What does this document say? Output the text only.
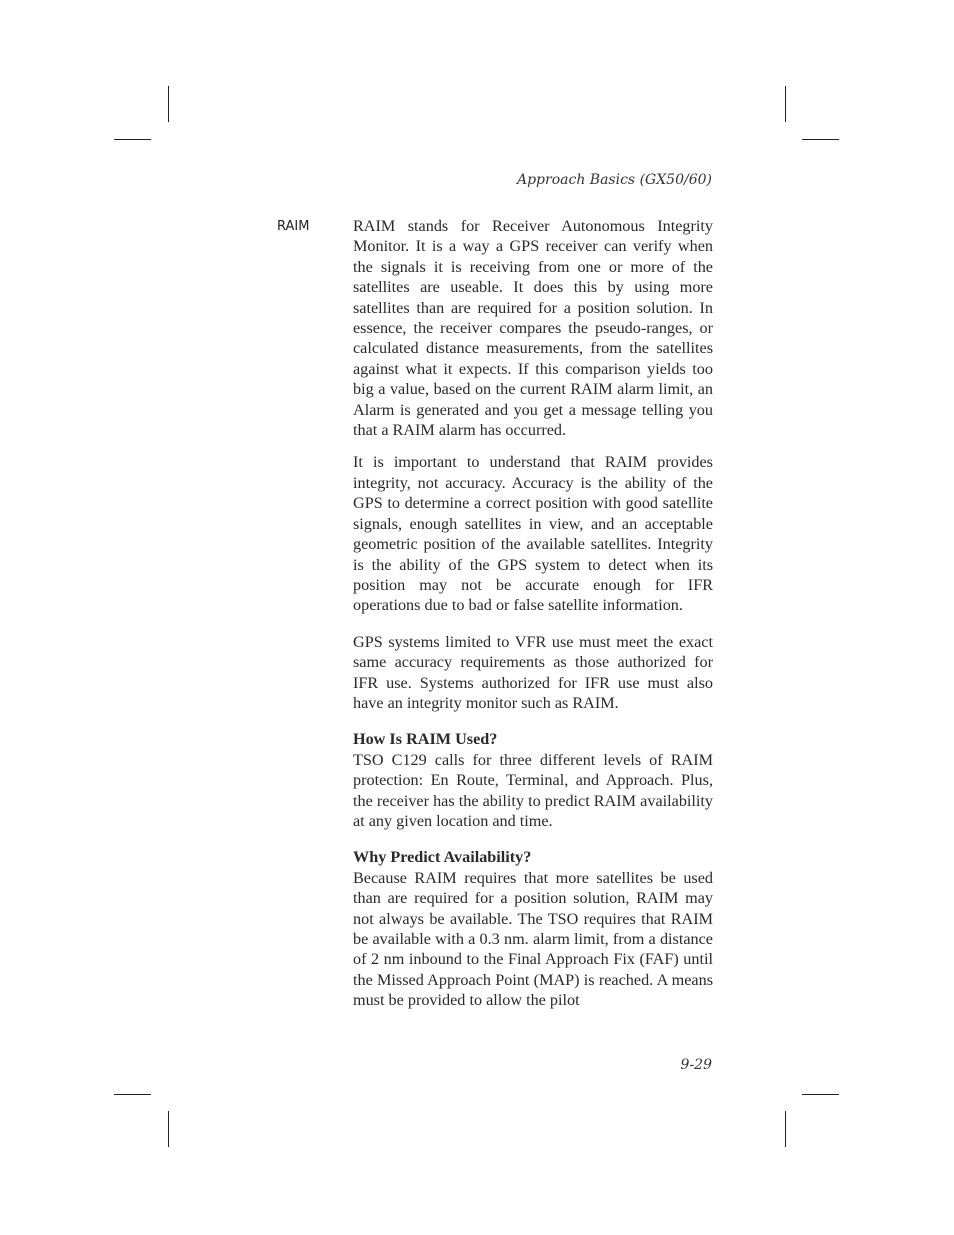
Approach Basics (GX50/60)
RAIM	RAIM stands for Receiver Autonomous Integrity Monitor. It is a way a GPS receiver can verify when the signals it is receiving from one or more of the satellites are useable. It does this by using more satellites than are required for a position solution. In essence, the receiver compares the pseudo-ranges, or calculated distance measurements, from the satellites against what it expects. If this comparison yields too big a value, based on the current RAIM alarm limit, an Alarm is generated and you get a message telling you that a RAIM alarm has occurred.

It is important to understand that RAIM provides integrity, not accuracy. Accuracy is the ability of the GPS to determine a correct position with good satellite signals, enough satellites in view, and an acceptable geometric position of the available satellites. Integrity is the ability of the GPS system to detect when its position may not be accurate enough for IFR operations due to bad or false satellite information.

GPS systems limited to VFR use must meet the exact same accuracy requirements as those authorized for IFR use. Systems authorized for IFR use must also have an integrity monitor such as RAIM.

How Is RAIM Used?

TSO C129 calls for three different levels of RAIM protection: En Route, Terminal, and Approach. Plus, the receiver has the ability to predict RAIM availability at any given location and time.

Why Predict Availability?

Because RAIM requires that more satellites be used than are required for a position solution, RAIM may not always be available. The TSO requires that RAIM be available with a 0.3 nm. alarm limit, from a distance of 2 nm inbound to the Final Approach Fix (FAF) until the Missed Approach Point (MAP) is reached. A means must be provided to allow the pilot

9-29
